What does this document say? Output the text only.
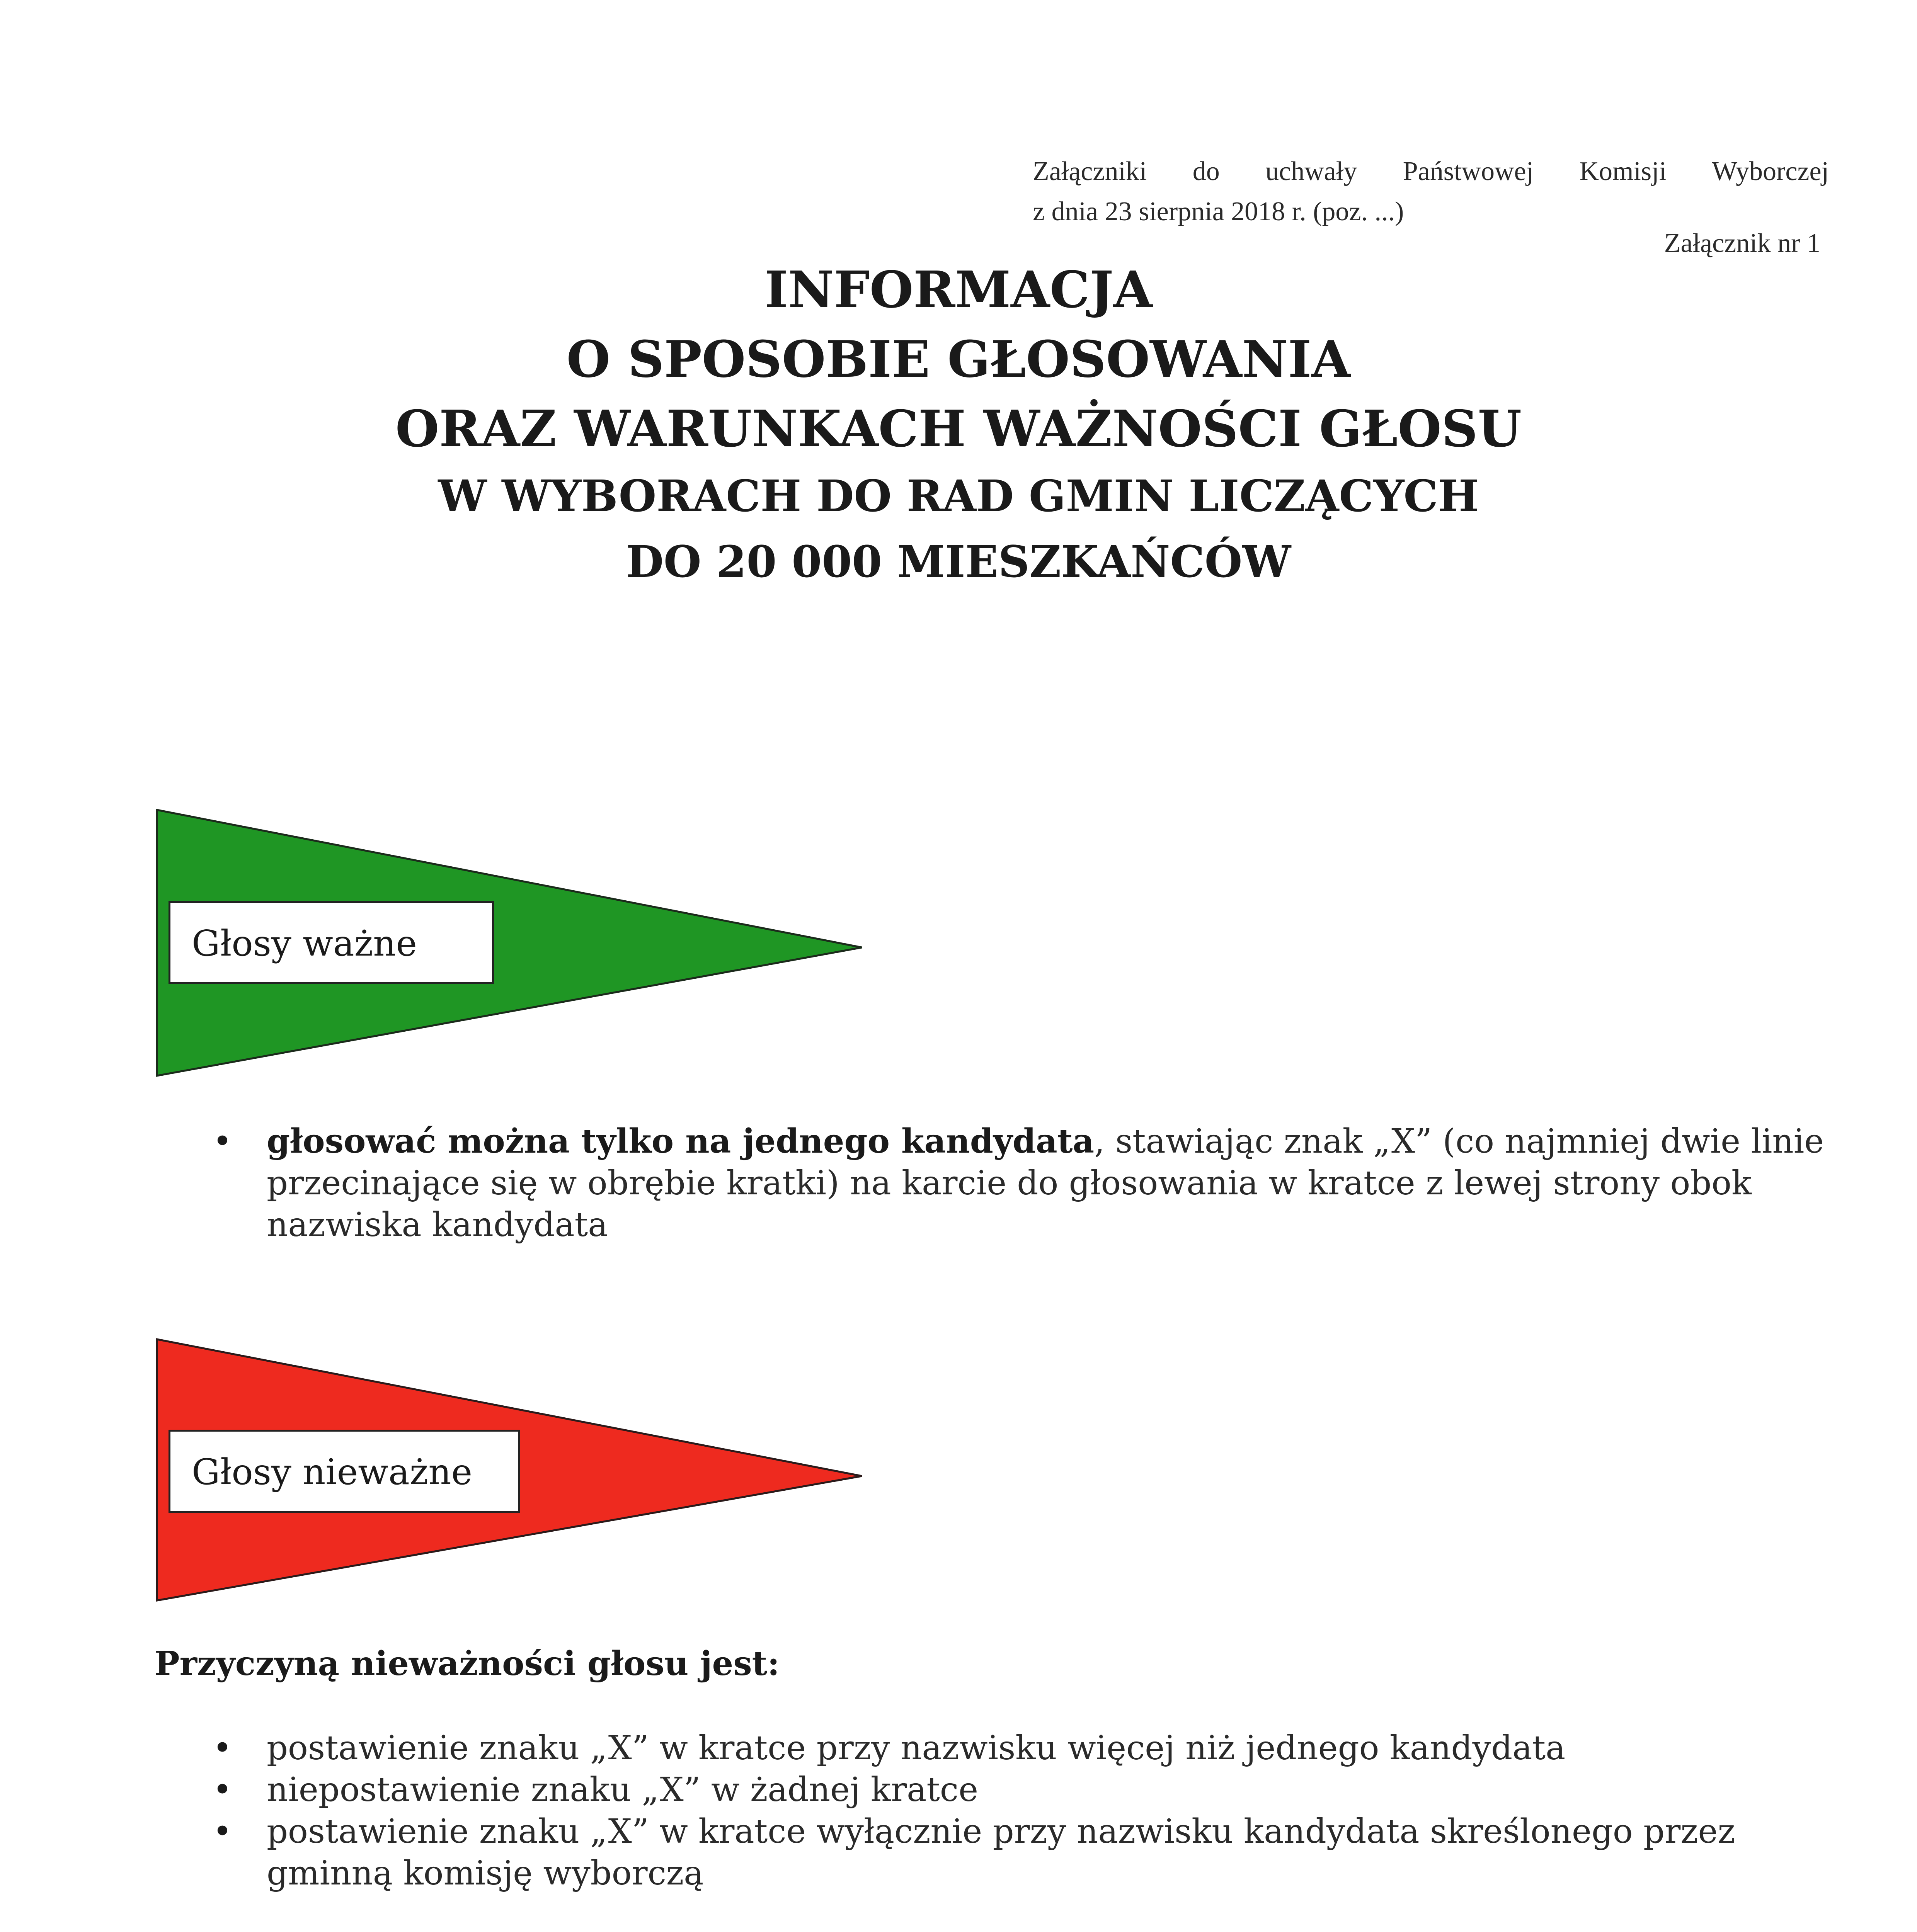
Załączniki do uchwały Państwowej Komisji Wyborczej
z dnia 23 sierpnia 2018 r. (poz. ...)
Załącznik nr 1
INFORMACJA
O SPOSOBIE GŁOSOWANIA
ORAZ WARUNKACH WAŻNOŚCI GŁOSU
W WYBORACH DO RAD GMIN LICZĄCYCH
DO 20 000 MIESZKAŃCÓW
Głosy ważne
• głosować można tylko na jednego kandydata, stawiając znak „X” (co najmniej dwie linie przecinające się w obrębie kratki) na karcie do głosowania w kratce z lewej strony obok nazwiska kandydata
Głosy nieważne
Przyczyną nieważności głosu jest:
• postawienie znaku „X” w kratce przy nazwisku więcej niż jednego kandydata
• niepostawienie znaku „X” w żadnej kratce
• postawienie znaku „X” w kratce wyłącznie przy nazwisku kandydata skreślonego przez gminną komisję wyborczą
